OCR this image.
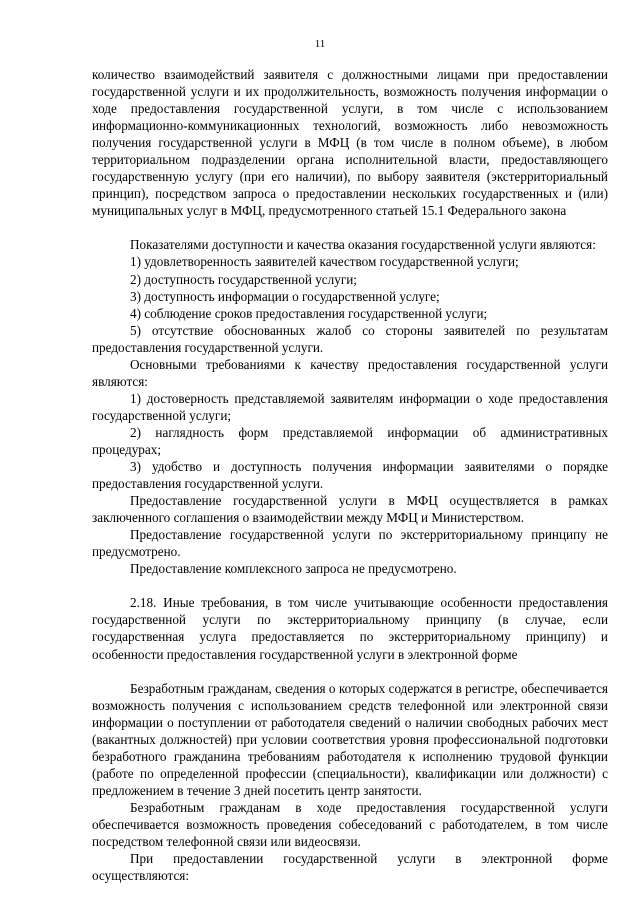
11

количество взаимодействий заявителя с должностными лицами при предоставлении государственной услуги и их продолжительность, возможность получения информации о ходе предоставления государственной услуги, в том числе с использованием информационно-коммуникационных технологий, возможность либо невозможность получения государственной услуги в МФЦ (в том числе в полном объеме), в любом территориальном подразделении органа исполнительной власти, предоставляющего государственную услугу (при его наличии), по выбору заявителя (экстерриториальный принцип), посредством запроса о предоставлении нескольких государственных и (или) муниципальных услуг в МФЦ, предусмотренного статьей 15.1 Федерального закона

Показателями доступности и качества оказания государственной услуги являются:

1) удовлетворенность заявителей качеством государственной услуги;

2) доступность государственной услуги;

3) доступность информации о государственной услуге;

4) соблюдение сроков предоставления государственной услуги;

5) отсутствие обоснованных жалоб со стороны заявителей по результатам предоставления государственной услуги.

Основными требованиями к качеству предоставления государственной услуги являются:

1) достоверность представляемой заявителям информации о ходе предоставления государственной услуги;

2) наглядность форм представляемой информации об административных процедурах;

3) удобство и доступность получения информации заявителями о порядке предоставления государственной услуги.

Предоставление государственной услуги в МФЦ осуществляется в рамках заключенного соглашения о взаимодействии между МФЦ и Министерством.

Предоставление государственной услуги по экстерриториальному принципу не предусмотрено.

Предоставление комплексного запроса не предусмотрено.

2.18. Иные требования, в том числе учитывающие особенности предоставления государственной услуги по экстерриториальному принципу (в случае, если государственная услуга предоставляется по экстерриториальному принципу) и особенности предоставления государственной услуги в электронной форме

Безработным гражданам, сведения о которых содержатся в регистре, обеспечивается возможность получения с использованием средств телефонной или электронной связи информации о поступлении от работодателя сведений о наличии свободных рабочих мест (вакантных должностей) при условии соответствия уровня профессиональной подготовки безработного гражданина требованиям работодателя к исполнению трудовой функции (работе по определенной профессии (специальности), квалификации или должности) с предложением в течение 3 дней посетить центр занятости.

Безработным гражданам в ходе предоставления государственной услуги обеспечивается возможность проведения собеседований с работодателем, в том числе посредством телефонной связи или видеосвязи.

При предоставлении государственной услуги в электронной форме осуществляются:
